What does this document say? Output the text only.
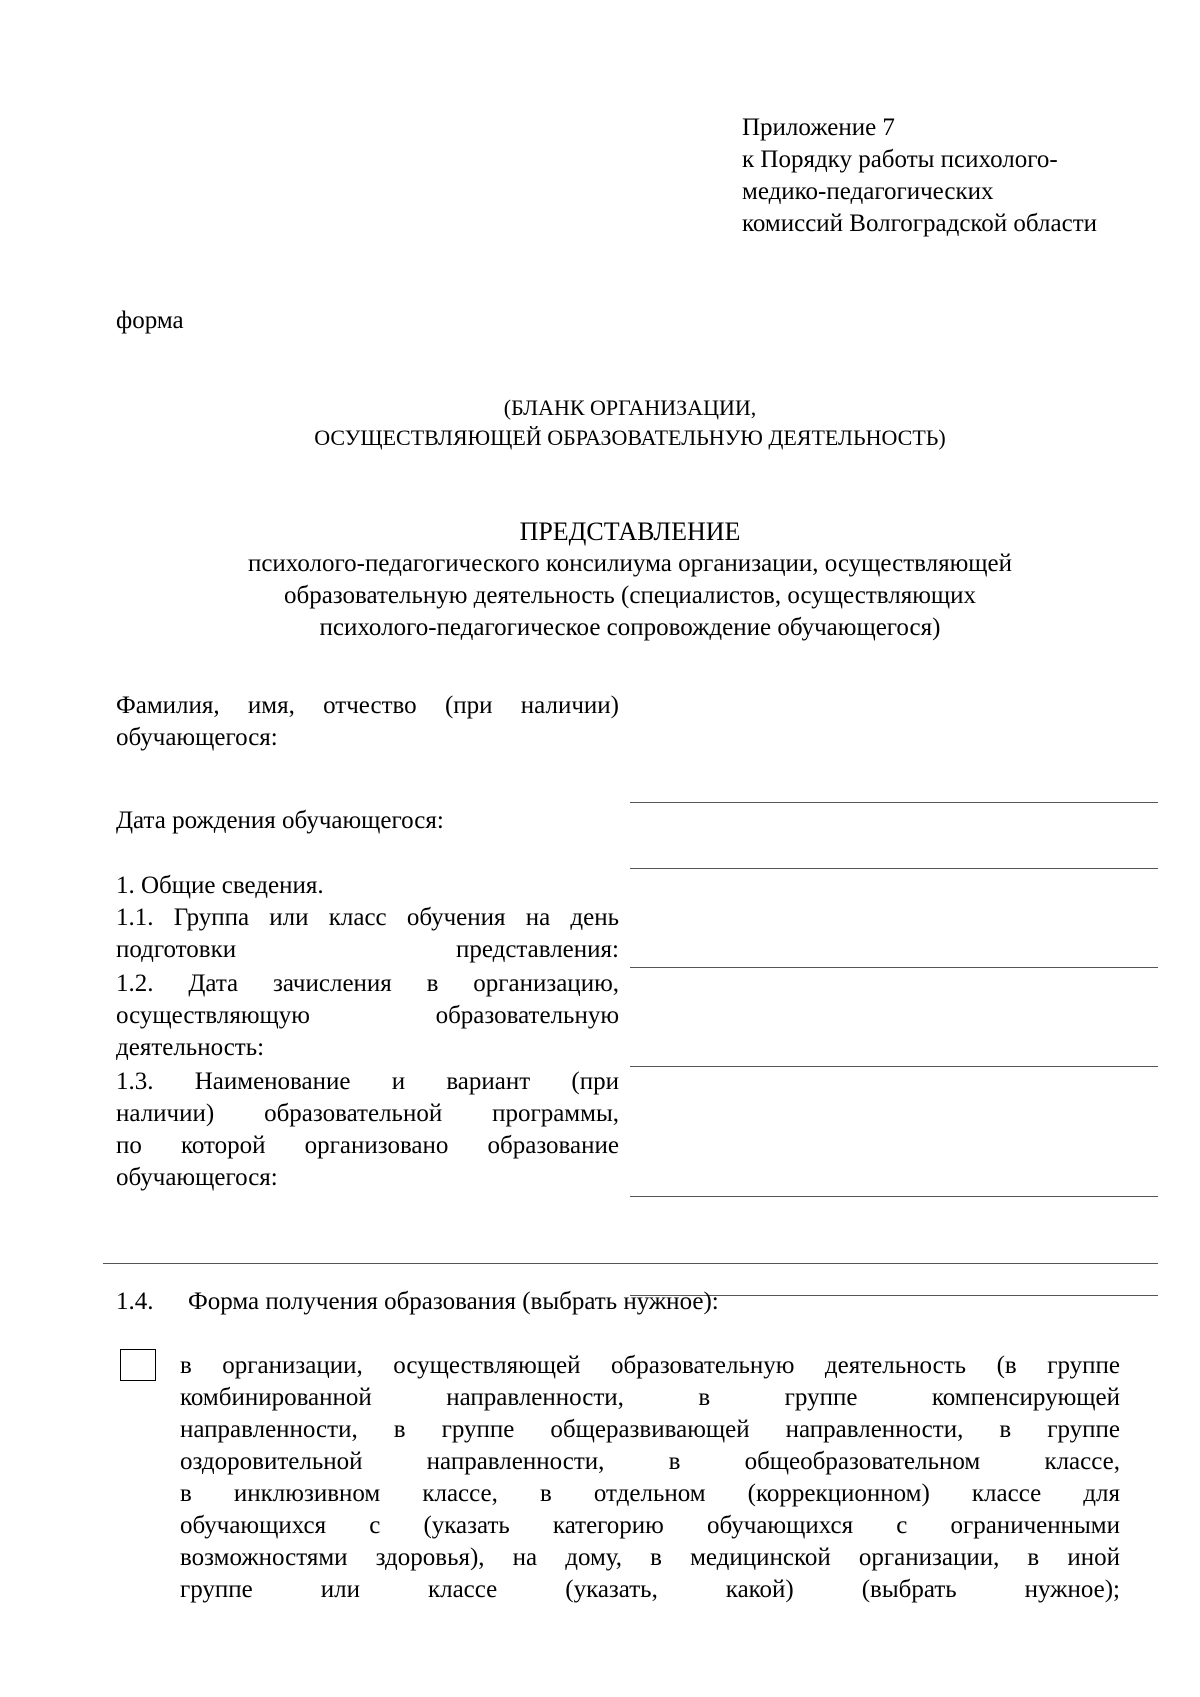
Приложение 7
к Порядку работы психолого-
медико-педагогических
комиссий Волгоградской области
форма
(БЛАНК ОРГАНИЗАЦИИ,
ОСУЩЕСТВЛЯЮЩЕЙ ОБРАЗОВАТЕЛЬНУЮ ДЕЯТЕЛЬНОСТЬ)
ПРЕДСТАВЛЕНИЕ
психолого-педагогического консилиума организации, осуществляющей
образовательную деятельность (специалистов, осуществляющих
психолого-педагогическое сопровождение обучающегося)
Фамилия, имя, отчество (при наличии)
обучающегося:
Дата рождения обучающегося:
1. Общие сведения.
1.1. Группа или класс обучения на день
подготовки представления:
1.2. Дата зачисления в организацию,
осуществляющую образовательную
деятельность:
1.3. Наименование и вариант (при
наличии) образовательной программы,
по которой организовано образование
обучающегося:
1.4. Форма получения образования (выбрать нужное):
в организации, осуществляющей образовательную деятельность (в группе
комбинированной направленности, в группе компенсирующей
направленности, в группе общеразвивающей направленности, в группе
оздоровительной направленности, в общеобразовательном классе,
в инклюзивном классе, в отдельном (коррекционном) классе для
обучающихся с (указать категорию обучающихся с ограниченными
возможностями здоровья), на дому, в медицинской организации, в иной
группе или классе (указать, какой) (выбрать нужное);
